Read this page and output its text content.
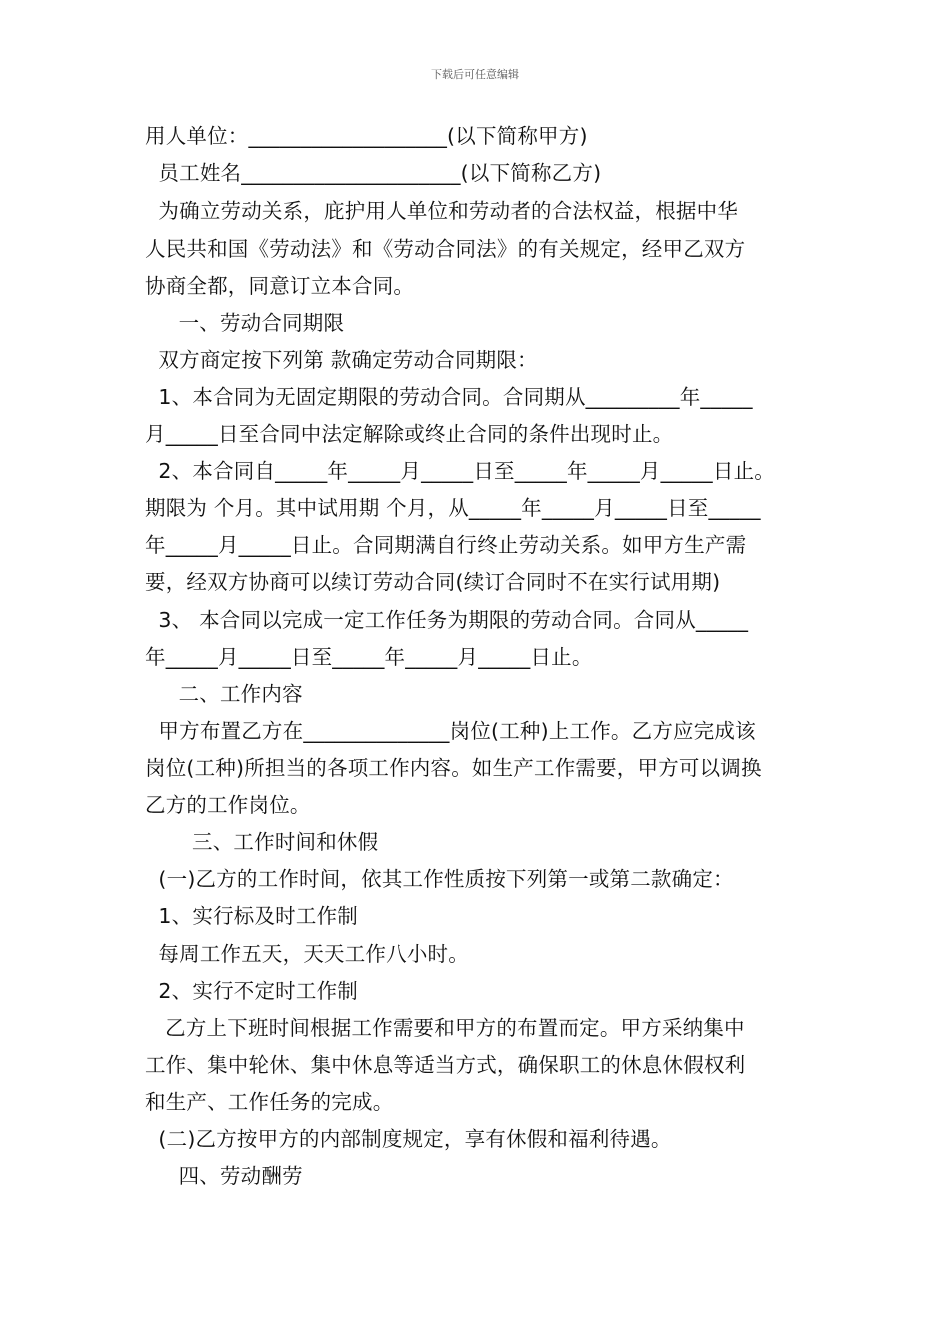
下载后可任意编辑
用人单位：___________________(以下简称甲方)
员工姓名_____________________(以下简称乙方)
为确立劳动关系，庇护用人单位和劳动者的合法权益，根据中华
人民共和国《劳动法》和《劳动合同法》的有关规定，经甲乙双方
协商全都，同意订立本合同。
一、劳动合同期限
双方商定按下列第 款确定劳动合同期限：
1、本合同为无固定期限的劳动合同。合同期从_________年_____
月_____日至合同中法定解除或终止合同的条件出现时止。
2、本合同自_____年_____月_____日至_____年_____月_____日止。
期限为 个月。其中试用期 个月，从_____年_____月_____日至_____
年_____月_____日止。合同期满自行终止劳动关系。如甲方生产需
要，经双方协商可以续订劳动合同(续订合同时不在实行试用期)
3、 本合同以完成一定工作任务为期限的劳动合同。合同从_____
年_____月_____日至_____年_____月_____日止。
二、工作内容
甲方布置乙方在______________岗位(工种)上工作。乙方应完成该
岗位(工种)所担当的各项工作内容。如生产工作需要，甲方可以调换
乙方的工作岗位。
三、工作时间和休假
(一)乙方的工作时间，依其工作性质按下列第一或第二款确定：
1、实行标及时工作制
每周工作五天，天天工作八小时。
2、实行不定时工作制
乙方上下班时间根据工作需要和甲方的布置而定。甲方采纳集中
工作、集中轮休、集中休息等适当方式，确保职工的休息休假权利
和生产、工作任务的完成。
(二)乙方按甲方的内部制度规定，享有休假和福利待遇。
四、劳动酬劳
